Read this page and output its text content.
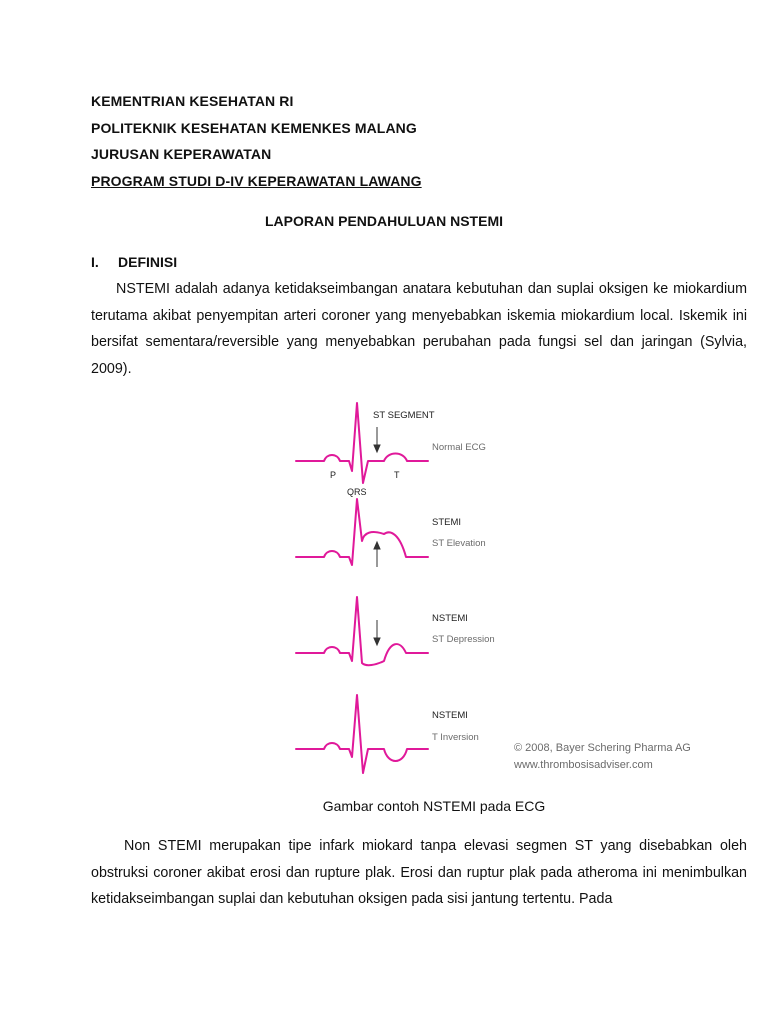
KEMENTRIAN KESEHATAN RI
POLITEKNIK KESEHATAN KEMENKES MALANG
JURUSAN KEPERAWATAN
PROGRAM STUDI D-IV KEPERAWATAN LAWANG
LAPORAN PENDAHULUAN NSTEMI
I. DEFINISI
NSTEMI adalah adanya ketidakseimbangan anatara kebutuhan dan suplai oksigen ke miokardium terutama akibat penyempitan arteri coroner yang menyebabkan iskemia miokardium local. Iskemik ini bersifat sementara/reversible yang menyebabkan perubahan pada fungsi sel dan jaringan (Sylvia, 2009).
ST SEGMENT
Normal ECG
P	T
QRS
STEMI
ST Elevation
NSTEMI
ST Depression
NSTEMI
T Inversion
© 2008, Bayer Schering Pharma AG
www.thrombosisadviser.com
Gambar contoh NSTEMI pada ECG
Non STEMI merupakan tipe infark miokard tanpa elevasi segmen ST yang disebabkan oleh obstruksi coroner akibat erosi dan rupture plak. Erosi dan ruptur plak pada atheroma ini menimbulkan ketidakseimbangan suplai dan kebutuhan oksigen pada sisi jantung tertentu. Pada
